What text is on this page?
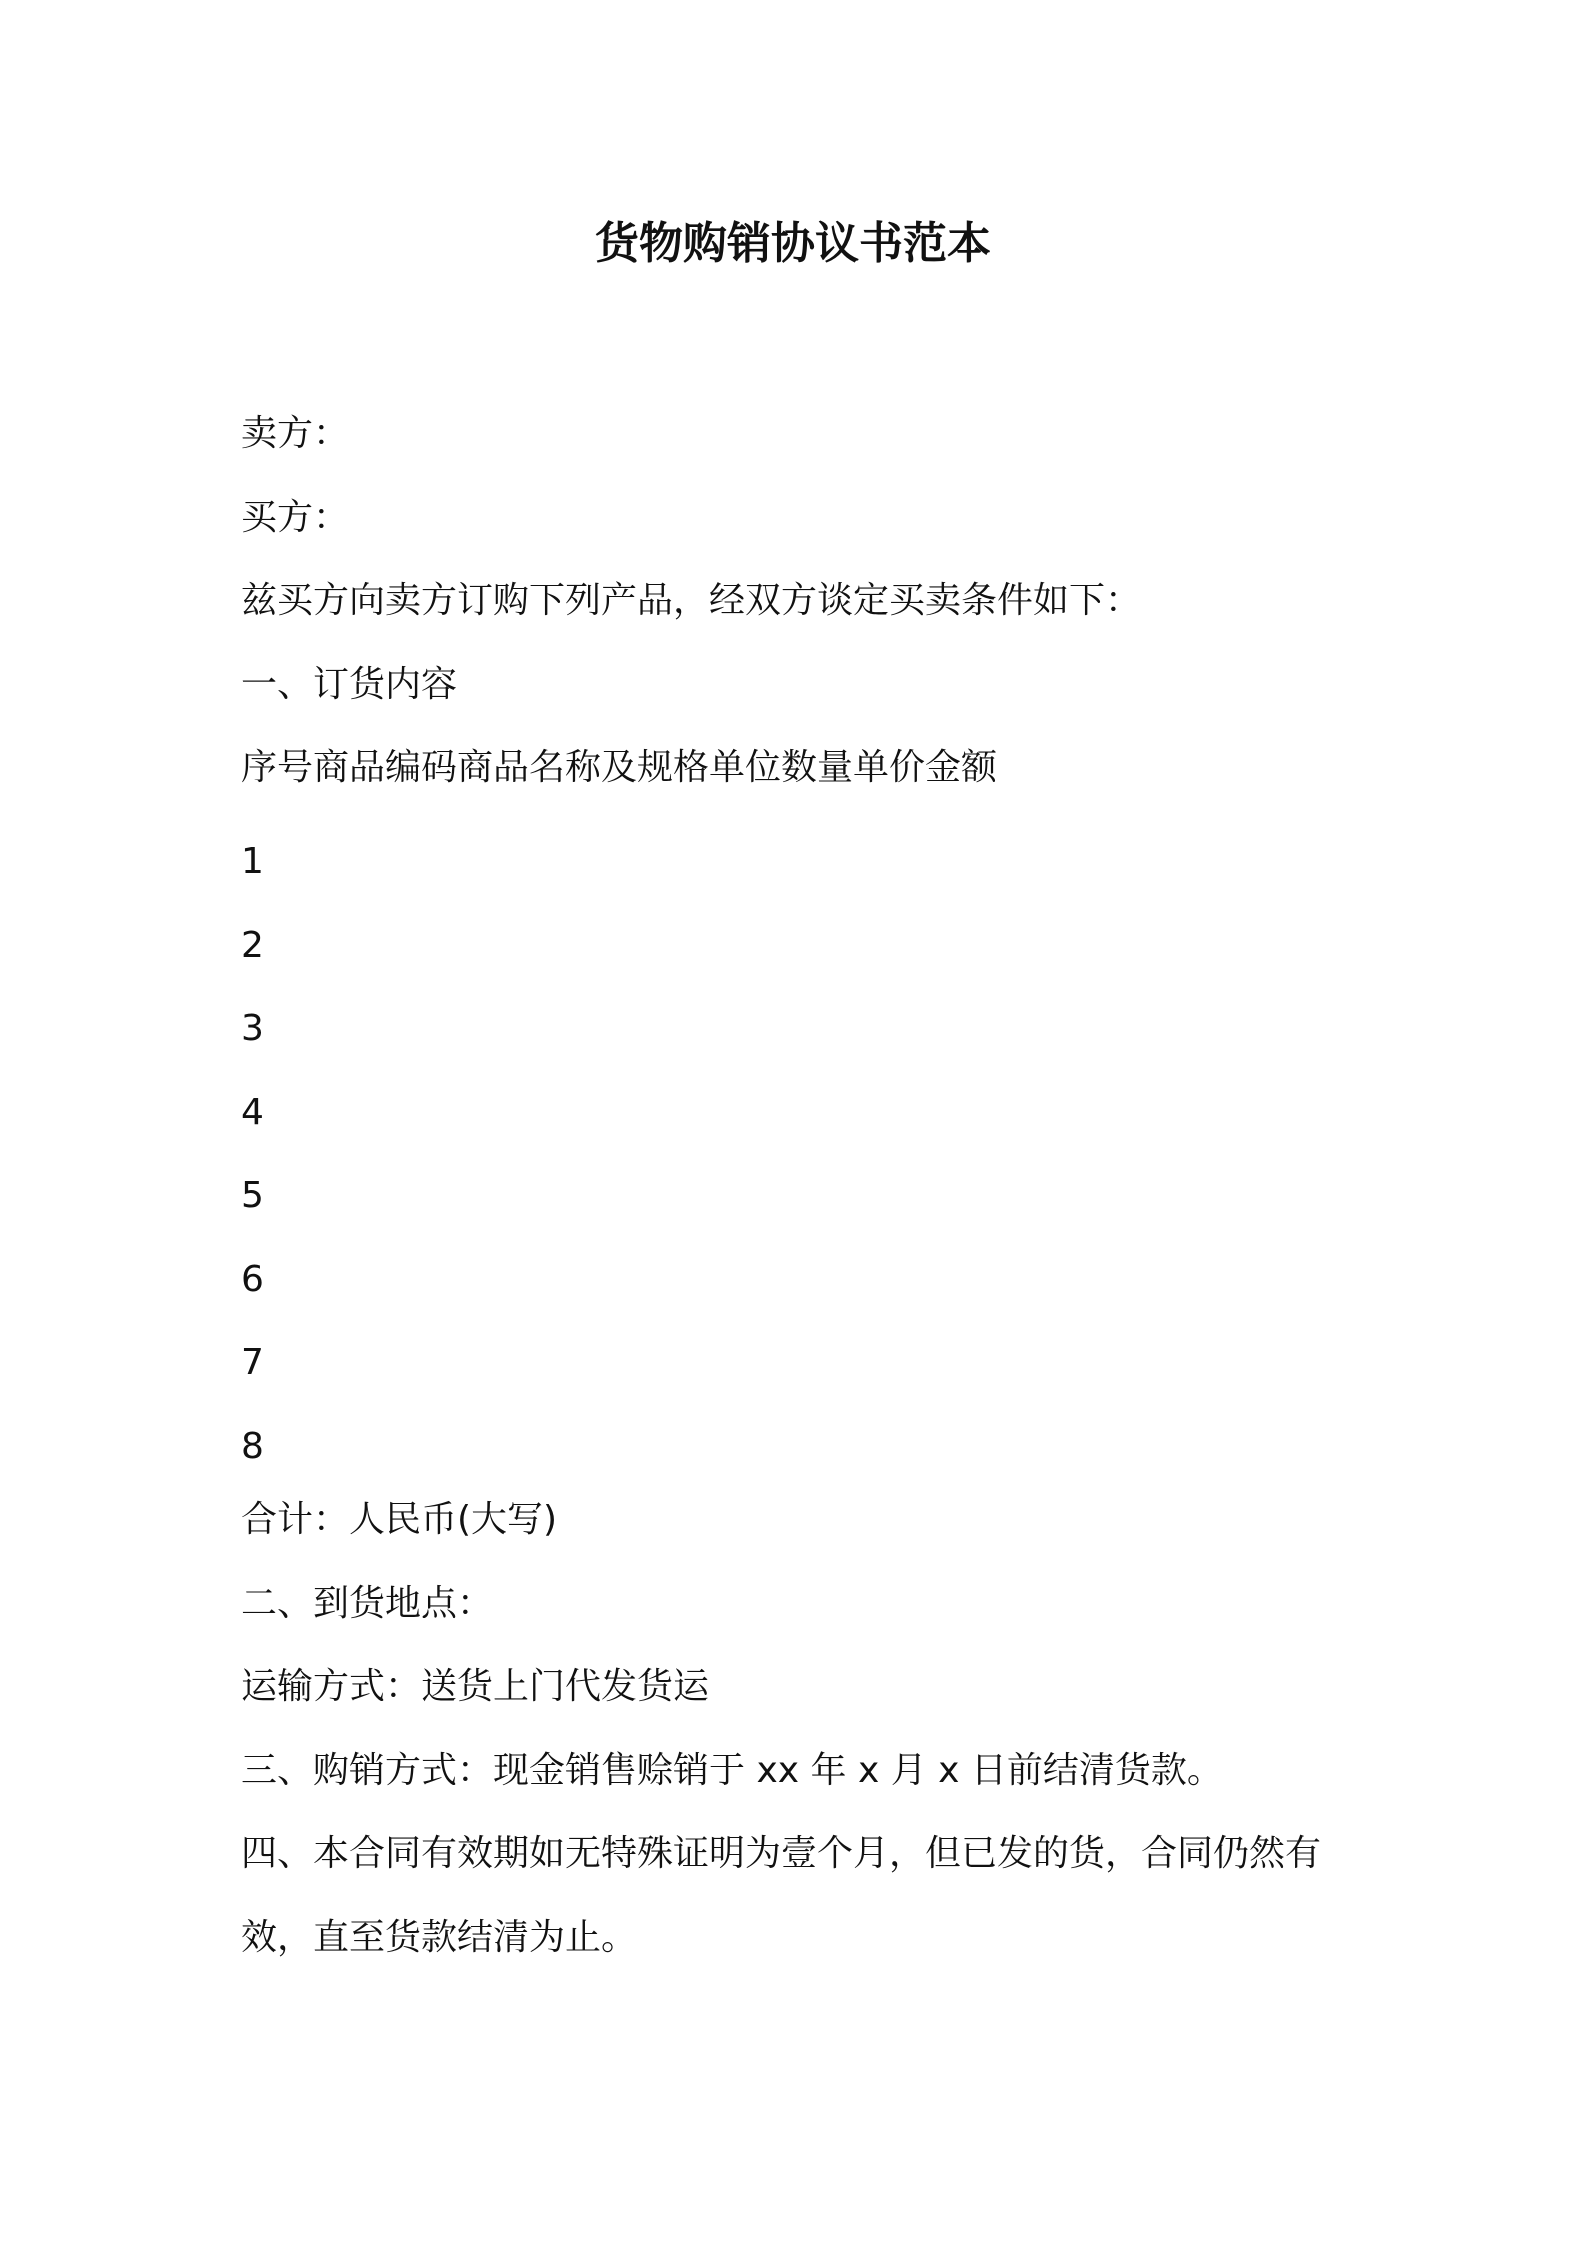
货物购销协议书范本
卖方：
买方：
兹买方向卖方订购下列产品，经双方谈定买卖条件如下：
一、订货内容
序号商品编码商品名称及规格单位数量单价金额
1
2
3
4
5
6
7
8
合计：人民币(大写)
二、到货地点：
运输方式：送货上门代发货运
三、购销方式：现金销售赊销于 xx 年 x 月 x 日前结清货款。
四、本合同有效期如无特殊证明为壹个月，但已发的货，合同仍然有
效，直至货款结清为止。
